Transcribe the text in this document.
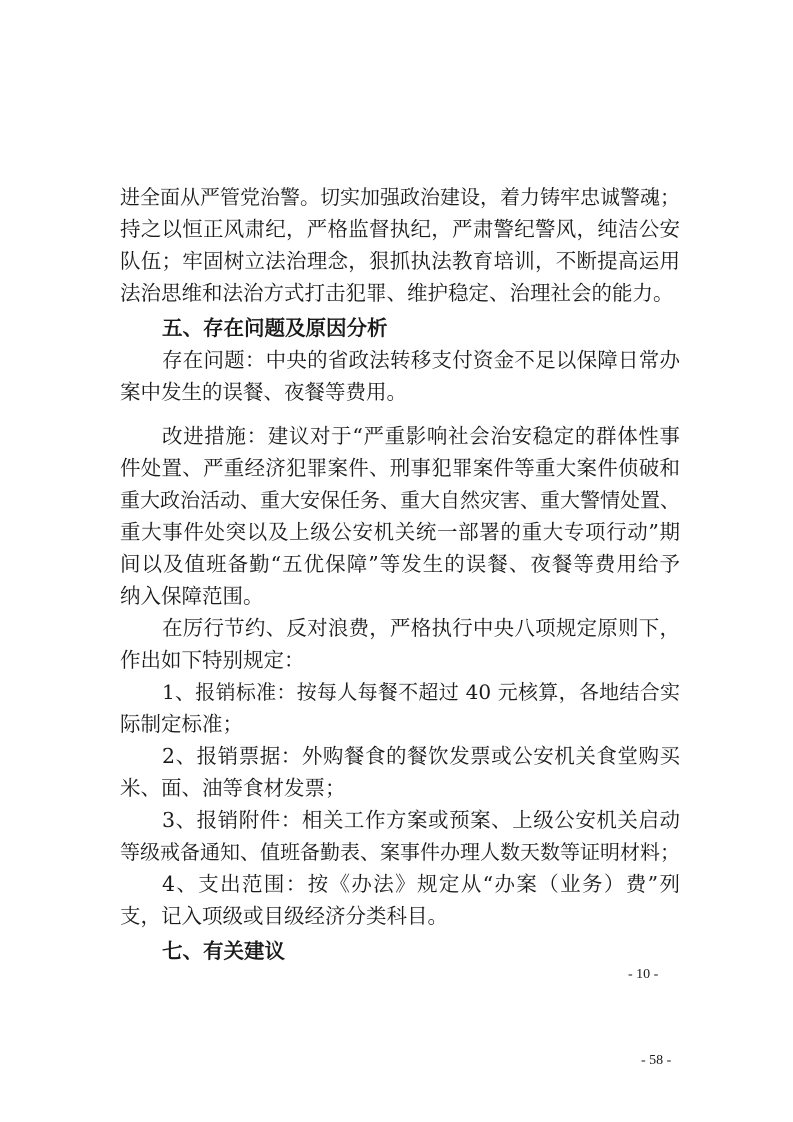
进全面从严管党治警。切实加强政治建设，着力铸牢忠诚警魂；
持之以恒正风肃纪，严格监督执纪，严肃警纪警风，纯洁公安
队伍；牢固树立法治理念，狠抓执法教育培训，不断提高运用
法治思维和法治方式打击犯罪、维护稳定、治理社会的能力。
五、存在问题及原因分析
存在问题：中央的省政法转移支付资金不足以保障日常办
案中发生的误餐、夜餐等费用。
改进措施：建议对于“严重影响社会治安稳定的群体性事
件处置、严重经济犯罪案件、刑事犯罪案件等重大案件侦破和
重大政治活动、重大安保任务、重大自然灾害、重大警情处置、
重大事件处突以及上级公安机关统一部署的重大专项行动”期
间以及值班备勤“五优保障”等发生的误餐、夜餐等费用给予
纳入保障范围。
在厉行节约、反对浪费，严格执行中央八项规定原则下，
作出如下特别规定：
1、报销标准：按每人每餐不超过 40 元核算，各地结合实
际制定标准；
2、报销票据：外购餐食的餐饮发票或公安机关食堂购买
米、面、油等食材发票；
3、报销附件：相关工作方案或预案、上级公安机关启动
等级戒备通知、值班备勤表、案事件办理人数天数等证明材料；
4、支出范围：按《办法》规定从“办案（业务）费”列
支，记入项级或目级经济分类科目。
七、有关建议
- 10 -
- 58 -
